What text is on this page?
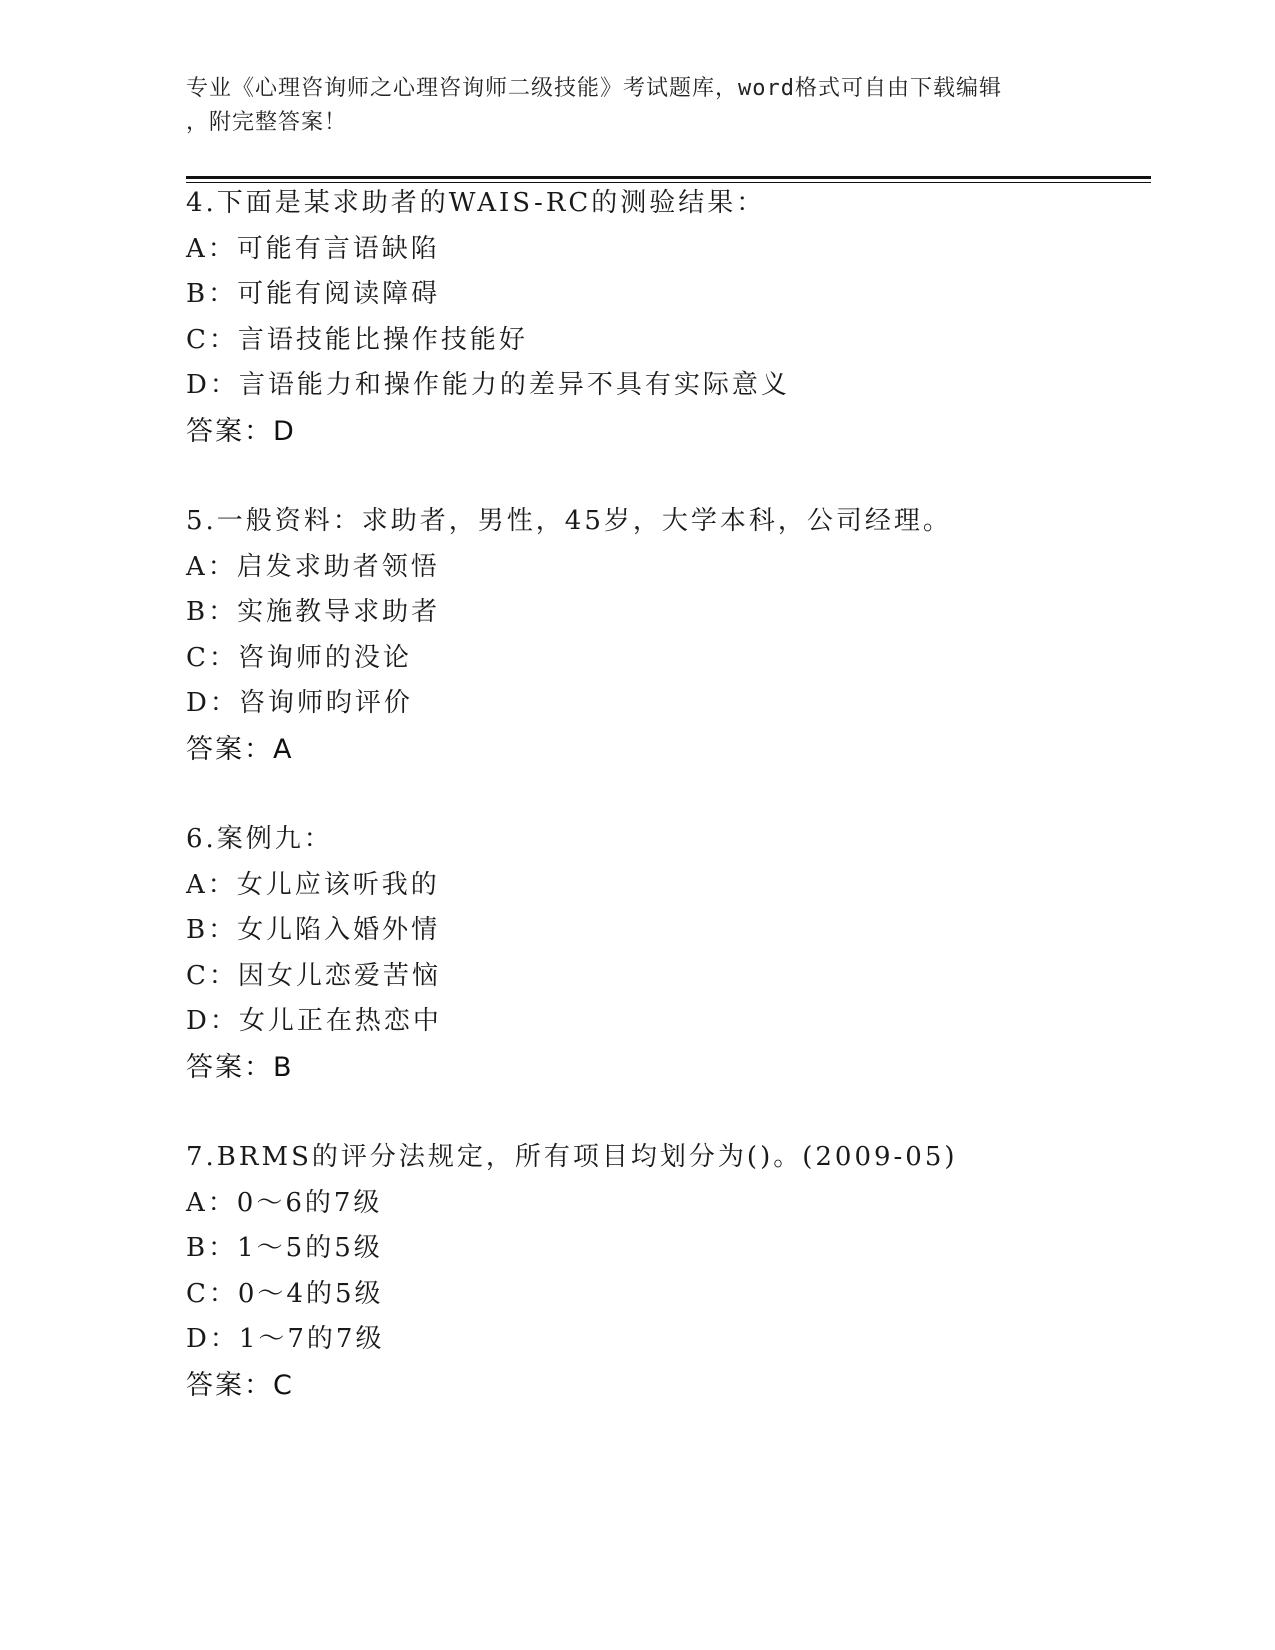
专业《心理咨询师之心理咨询师二级技能》考试题库，word格式可自由下载编辑
，附完整答案！
4.下面是某求助者的WAIS-RC的测验结果：
A：可能有言语缺陷
B：可能有阅读障碍
C：言语技能比操作技能好
D：言语能力和操作能力的差异不具有实际意义
答案：D
5.一般资料：求助者，男性，45岁，大学本科，公司经理。
A：启发求助者领悟
B：实施教导求助者
C：咨询师的没论
D：咨询师昀评价
答案：A
6.案例九：
A：女儿应该听我的
B：女儿陷入婚外情
C：因女儿恋爱苦恼
D：女儿正在热恋中
答案：B
7.BRMS的评分法规定，所有项目均划分为()。(2009-05)
A：0～6的7级
B：1～5的5级
C：0～4的5级
D：1～7的7级
答案：C
